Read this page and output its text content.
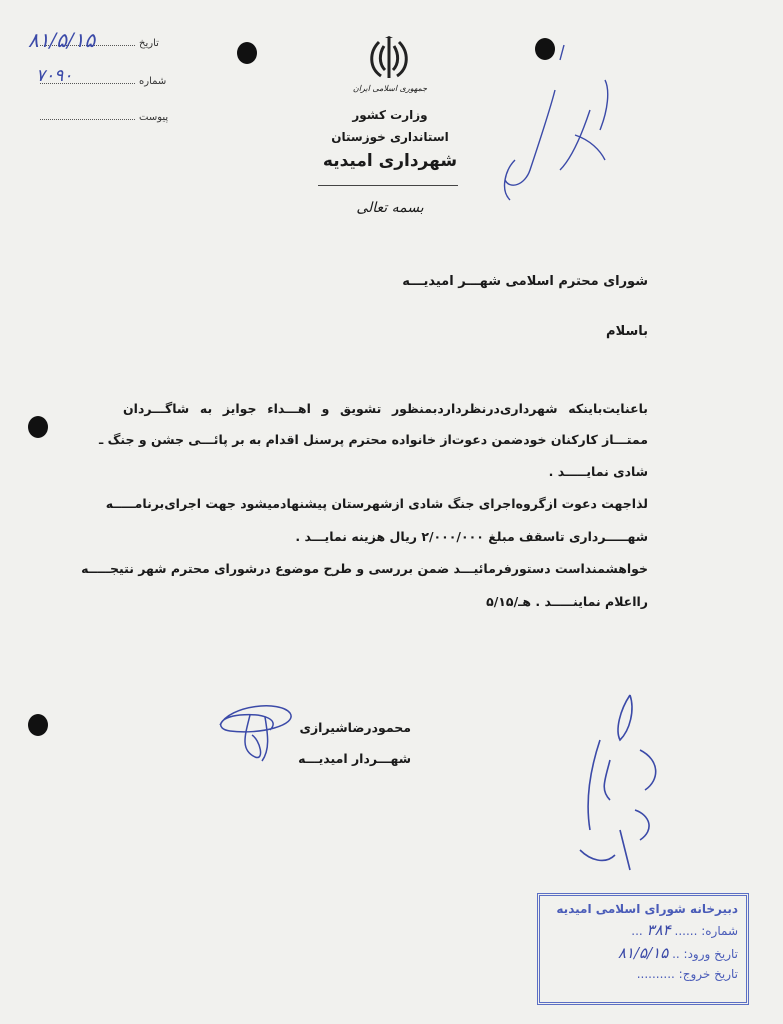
تاریخ
۸۱/۵/۱۵
شماره
۷۰۹۰
پیوست
جمهوری اسلامی ایران
وزارت کشور
استانداری خوزستان
شهرداری امیدیه
بسمه تعالی
شورای محترم اسلامی شهـــر امیدیـــه
باسلام
باعنایت‌باینکه شهرداری‌درنظردارد‌بمنظور تشویق و اهـــداء جوایز به شاگـــردان
ممتـــاز کارکنان خودضمن دعوت‌از خانواده محترم پرسنل اقدام به بر پائـــی جشن و جنگ ـ
شادی نمایـــــد .
لذاجهت دعوت ازگروه‌اجرای جنگ شادی ازشهرستان پیشنهادمیشود جهت اجرای‌برنامـــــه
شهـــــرداری تاسقف مبلغ ۲/۰۰۰/۰۰۰ ریال هزینه نمایـــد .
خواهشمنداست دستورفرمائیـــد ضمن بررسی و طرح موضوع درشورای محترم شهر نتیجـــــه
رااعلام نماینـــــد . هـ/۵/۱۵
محمودرضاشیرازی
شهـــردار امیدیـــه
دبیرخانه شورای اسلامی امیدیه
شماره: ...... ۳۸۴ ...
تاریخ ورود: .. ۸۱/۵/۱۵
تاریخ خروج: ..........
